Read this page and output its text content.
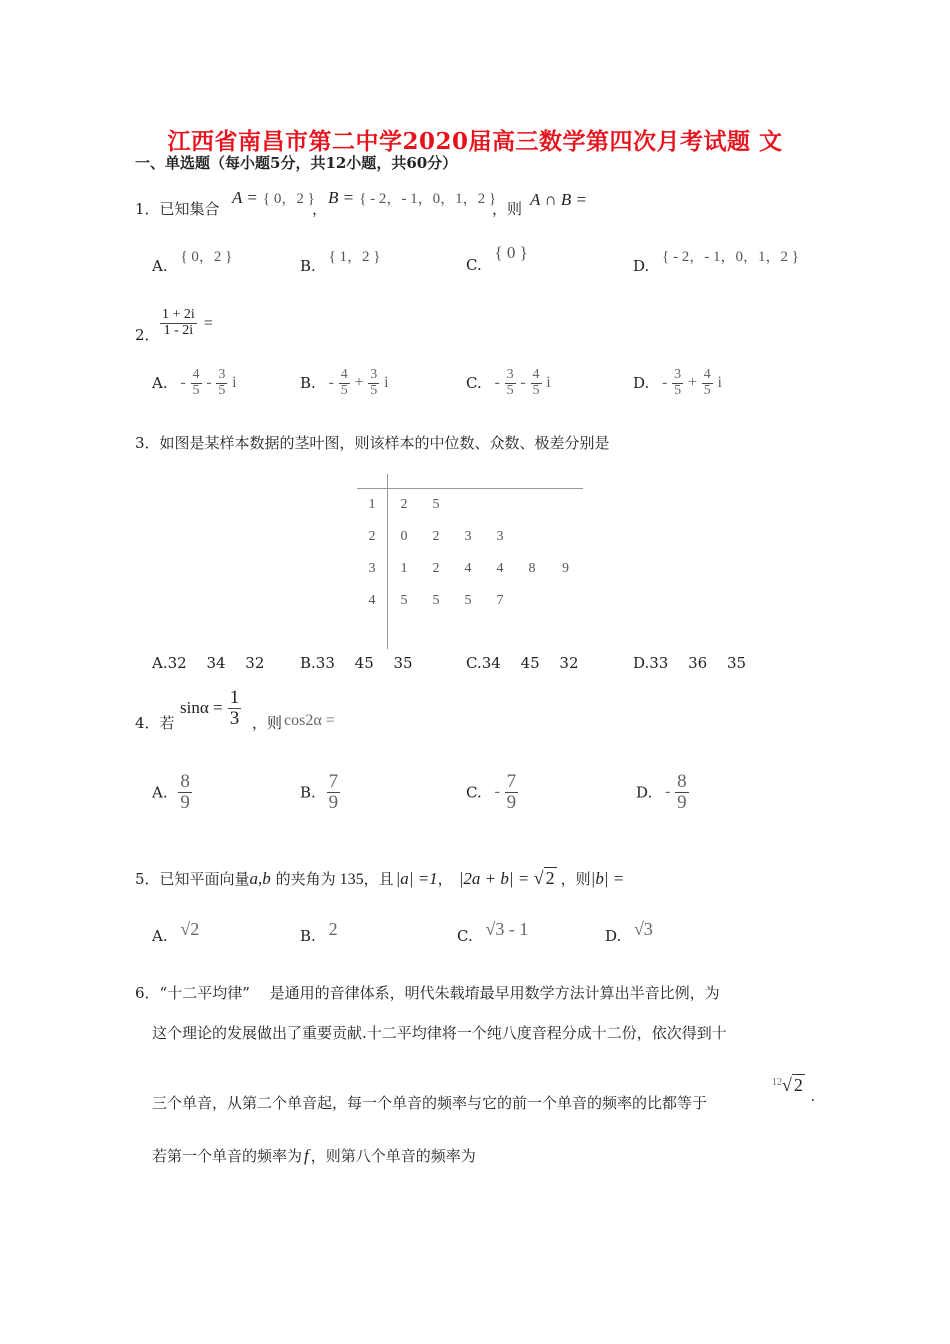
江西省南昌市第二中学2020届高三数学第四次月考试题 文
一、单选题（每小题5分，共12小题，共60分）
1．已知集合
A = { 0，2 }
，
B = { - 2，- 1，0，1，2 }
，则 A ∩ B =
A. { 0，2 }	B. { 1，2 }	C. { 0 }
D. { - 2，- 1，0，1，2 }
2． $\frac{1 + 2i}{1 - 2i}$ =
A. - $\frac{4}{5} - \frac{3}{5}$ i	B. - $\frac{4}{5} + \frac{3}{5}$ i	C. - $\frac{3}{5} - \frac{4}{5}$ i	D. - $\frac{3}{5} + \frac{4}{5}$ i
3．如图是某样本数据的茎叶图，则该样本的中位数、众数、极差分别是

1	2	5				
2	0	2	3	3		
3	1	2	4	4	8	9
4	5	5	5	7		

A.32　 34　 32 B.33　 45　 35	C.34　 45　 32	D.33　 36　 35
4．若
$\sin\alpha = \frac{1}{3}$ ，则 cos2α =
A. $\frac{8}{9}$	B. $\frac{7}{9}$	C. - $\frac{7}{9}$	D. - $\frac{8}{9}$
5．已知平面向量a,b 的夹角为 135，且 |a| =1， |2a + b| = √ 2 ，则|b| =
A. √2	B. 2	C. √3 - 1	D. √3
6．“十二平均律”　 是通用的音律体系，明代朱载堉最早用数学方法计算出半音比例，为
这个理论的发展做出了重要贡献.十二平均律将一个纯八度音程分成十二份，依次得到十
三个单音，从第二个单音起，每一个单音的频率与它的前一个单音的频率的比都等于
$^{12}$√ 2.
若第一个单音的频率为 f ，则第八个单音的频率为
